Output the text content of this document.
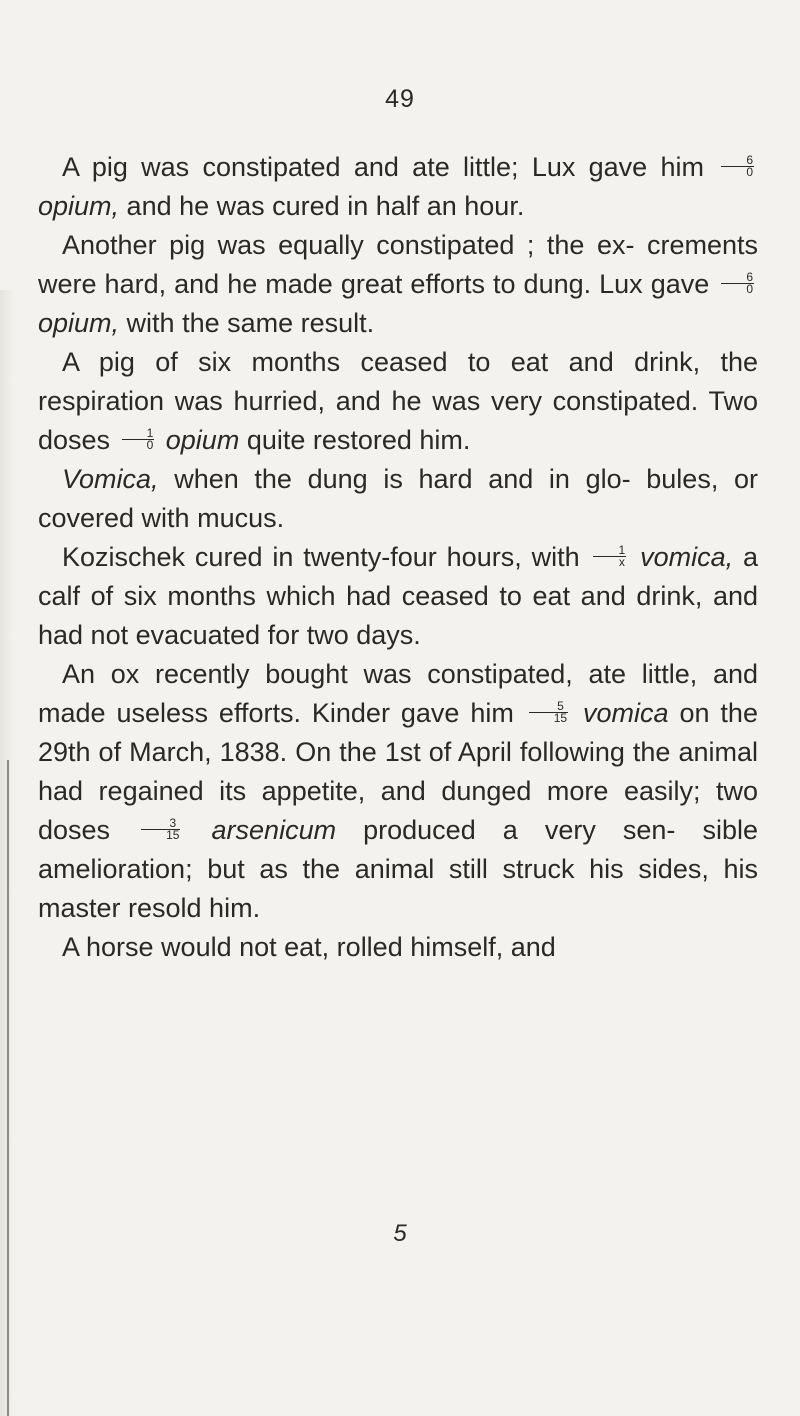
49

A pig was constipated and ate little; Lux gave him $\frac{6}{0}$
opium, and he was cured in half an hour.

Another pig was equally constipated ; the ex- crements were hard, and he made great efforts to dung. Lux gave $\frac{6}{0}$
opium, with the same result.

A pig of six months ceased to eat and drink, the respiration was hurried, and he was very constipated. Two doses $\frac{1}{0}$ opium quite restored him.

Vomica, when the dung is hard and in glo- bules, or covered with mucus.

Kozischek cured in twenty-four hours, with $\frac{1}{x}$ vomica, a calf of six months which had ceased to eat and drink, and had not evacuated for two days.

An ox recently bought was constipated, ate little, and made useless efforts. Kinder gave him $\frac{5}{15}$ vomica on the 29th of March, 1838. On the 1st of April following the animal had regained its appetite, and dunged more easily; two doses $\frac{3}{15}$ arsenicum produced a very sen- sible amelioration; but as the animal still struck his sides, his master resold him.

A horse would not eat, rolled himself, and

5
